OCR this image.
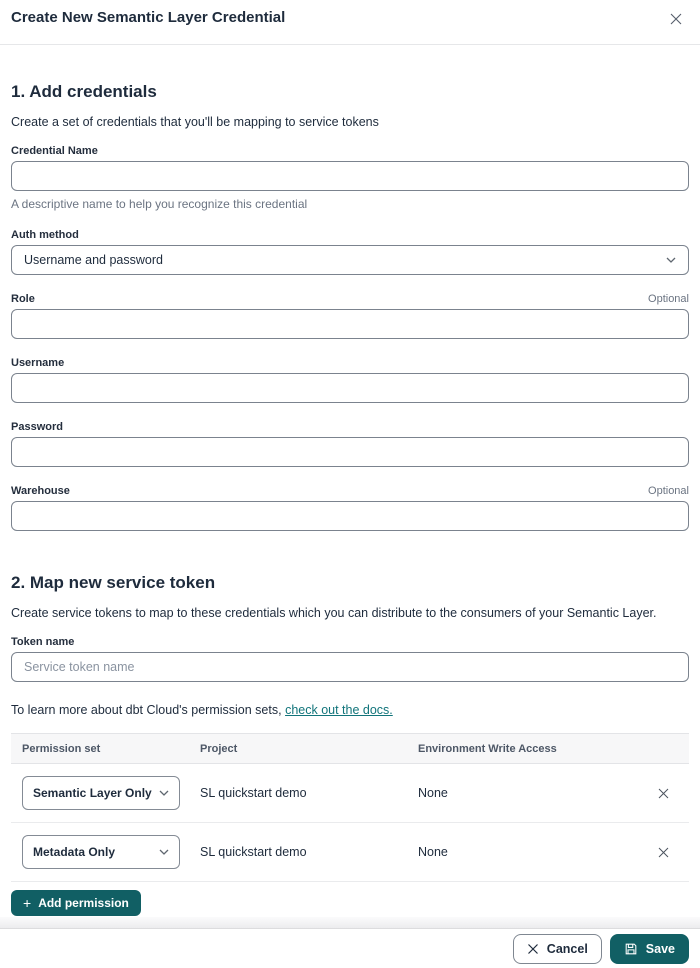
Create New Semantic Layer Credential
1. Add credentials
Create a set of credentials that you'll be mapping to service tokens
Credential Name
A descriptive name to help you recognize this credential
Auth method
Username and password
Role	Optional
Username
Password
Warehouse	Optional
2. Map new service token
Create service tokens to map to these credentials which you can distribute to the consumers of your Semantic Layer.
Token name
Service token name
To learn more about dbt Cloud's permission sets, check out the docs.
Permission set	Project	Environment Write Access
Semantic Layer Only	SL quickstart demo	None
Metadata Only	SL quickstart demo	None
+ Add permission
Cancel	Save
